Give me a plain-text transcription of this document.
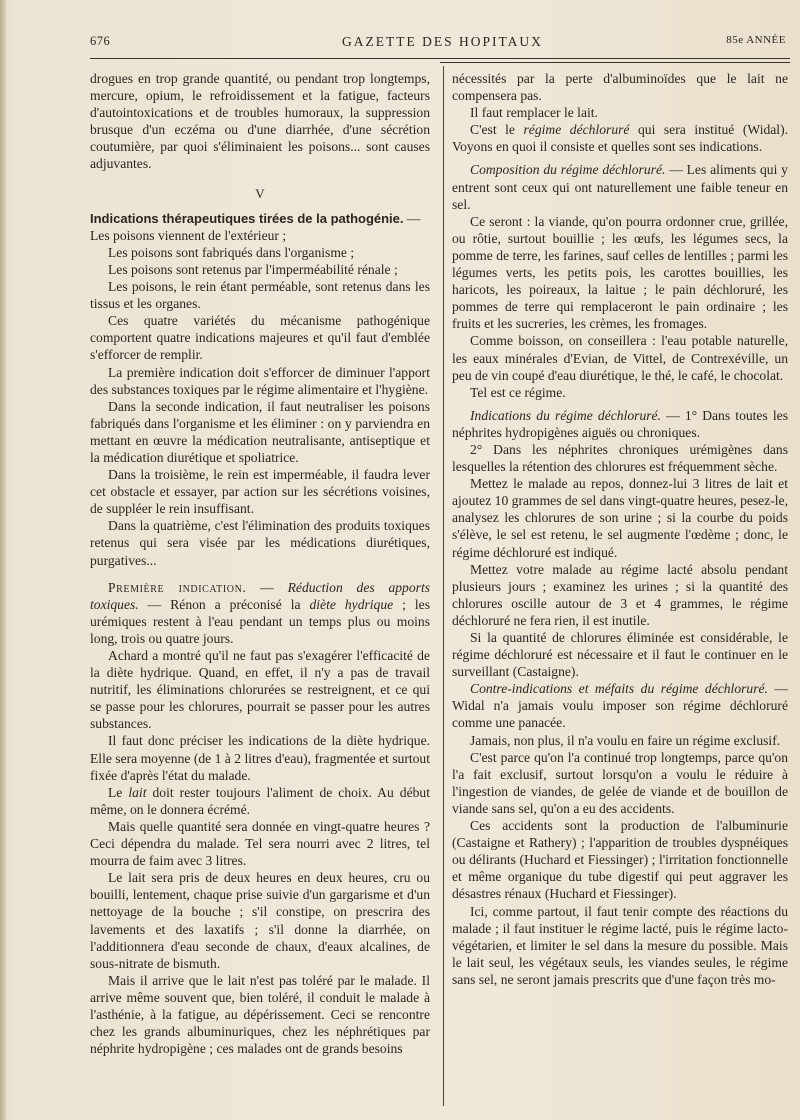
676	GAZETTE DES HOPITAUX	85e ANNÉE

drogues en trop grande quantité, ou pendant trop longtemps, mercure, opium, le refroidissement et la fatigue, facteurs d'autointoxications et de troubles humoraux, la suppression brusque d'un eczéma ou d'une diarrhée, d'une sécrétion coutumière, par quoi s'éliminaient les poisons... sont causes adjuvantes.

V

Indications thérapeutiques tirées de la pathogénie. —

Les poisons viennent de l'extérieur ;

Les poisons sont fabriqués dans l'organisme ;

Les poisons sont retenus par l'imperméabilité rénale ;

Les poisons, le rein étant perméable, sont retenus dans les tissus et les organes.

Ces quatre variétés du mécanisme pathogénique comportent quatre indications majeures et qu'il faut d'emblée s'efforcer de remplir.

La première indication doit s'efforcer de diminuer l'apport des substances toxiques par le régime alimentaire et l'hygiène.

Dans la seconde indication, il faut neutraliser les poisons fabriqués dans l'organisme et les éliminer : on y parviendra en mettant en œuvre la médication neutralisante, antiseptique et la médication diurétique et spoliatrice.

Dans la troisième, le rein est imperméable, il faudra lever cet obstacle et essayer, par action sur les sécrétions voisines, de suppléer le rein insuffisant.

Dans la quatrième, c'est l'élimination des produits toxiques retenus qui sera visée par les médications diurétiques, purgatives...

Première indication. — Réduction des apports toxiques. — Rénon a préconisé la diète hydrique ; les urémiques restent à l'eau pendant un temps plus ou moins long, trois ou quatre jours.

Achard a montré qu'il ne faut pas s'exagérer l'efficacité de la diète hydrique. Quand, en effet, il n'y a pas de travail nutritif, les éliminations chlorurées se restreignent, et ce qui se passe pour les chlorures, pourrait se passer pour les autres substances.

Il faut donc préciser les indications de la diète hydrique. Elle sera moyenne (de 1 à 2 litres d'eau), fragmentée et surtout fixée d'après l'état du malade.

Le lait doit rester toujours l'aliment de choix. Au début même, on le donnera écrémé.

Mais quelle quantité sera donnée en vingt-quatre heures ? Ceci dépendra du malade. Tel sera nourri avec 2 litres, tel mourra de faim avec 3 litres.

Le lait sera pris de deux heures en deux heures, cru ou bouilli, lentement, chaque prise suivie d'un gargarisme et d'un nettoyage de la bouche ; s'il constipe, on prescrira des lavements et des laxatifs ; s'il donne la diarrhée, on l'additionnera d'eau seconde de chaux, d'eaux alcalines, de sous-nitrate de bismuth.

Mais il arrive que le lait n'est pas toléré par le malade. Il arrive même souvent que, bien toléré, il conduit le malade à l'asthénie, à la fatigue, au dépérissement. Ceci se rencontre chez les grands albuminuriques, chez les néphrétiques par néphrite hydropigène ; ces malades ont de grands besoins

nécessités par la perte d'albuminoïdes que le lait ne compensera pas.

Il faut remplacer le lait.

C'est le régime déchloruré qui sera institué (Widal). Voyons en quoi il consiste et quelles sont ses indications.

Composition du régime déchloruré. — Les aliments qui y entrent sont ceux qui ont naturellement une faible teneur en sel.

Ce seront : la viande, qu'on pourra ordonner crue, grillée, ou rôtie, surtout bouillie ; les œufs, les légumes secs, la pomme de terre, les farines, sauf celles de lentilles ; parmi les légumes verts, les petits pois, les carottes bouillies, les haricots, les poireaux, la laitue ; le pain déchloruré, les pommes de terre qui remplaceront le pain ordinaire ; les fruits et les sucreries, les crèmes, les fromages.

Comme boisson, on conseillera : l'eau potable naturelle, les eaux minérales d'Evian, de Vittel, de Contrexéville, un peu de vin coupé d'eau diurétique, le thé, le café, le chocolat.

Tel est ce régime.

Indications du régime déchloruré. — 1° Dans toutes les néphrites hydropigènes aiguës ou chroniques.

2° Dans les néphrites chroniques urémigènes dans lesquelles la rétention des chlorures est fréquemment sèche.

Mettez le malade au repos, donnez-lui 3 litres de lait et ajoutez 10 grammes de sel dans vingt-quatre heures, pesez-le, analysez les chlorures de son urine ; si la courbe du poids s'élève, le sel est retenu, le sel augmente l'œdème ; donc, le régime déchloruré est indiqué.

Mettez votre malade au régime lacté absolu pendant plusieurs jours ; examinez les urines ; si la quantité des chlorures oscille autour de 3 et 4 grammes, le régime déchloruré ne fera rien, il est inutile.

Si la quantité de chlorures éliminée est considérable, le régime déchloruré est nécessaire et il faut le continuer en le surveillant (Castaigne).

Contre-indications et méfaits du régime déchloruré. — Widal n'a jamais voulu imposer son régime déchloruré comme une panacée.

Jamais, non plus, il n'a voulu en faire un régime exclusif.

C'est parce qu'on l'a continué trop longtemps, parce qu'on l'a fait exclusif, surtout lorsqu'on a voulu le réduire à l'ingestion de viandes, de gelée de viande et de bouillon de viande sans sel, qu'on a eu des accidents.

Ces accidents sont la production de l'albuminurie (Castaigne et Rathery) ; l'apparition de troubles dyspnéiques ou délirants (Huchard et Fiessinger) ; l'irritation fonctionnelle et même organique du tube digestif qui peut aggraver les désastres rénaux (Huchard et Fiessinger).

Ici, comme partout, il faut tenir compte des réactions du malade ; il faut instituer le régime lacté, puis le régime lacto-végétarien, et limiter le sel dans la mesure du possible. Mais le lait seul, les végétaux seuls, les viandes seules, le régime sans sel, ne seront jamais prescrits que d'une façon très mo-
